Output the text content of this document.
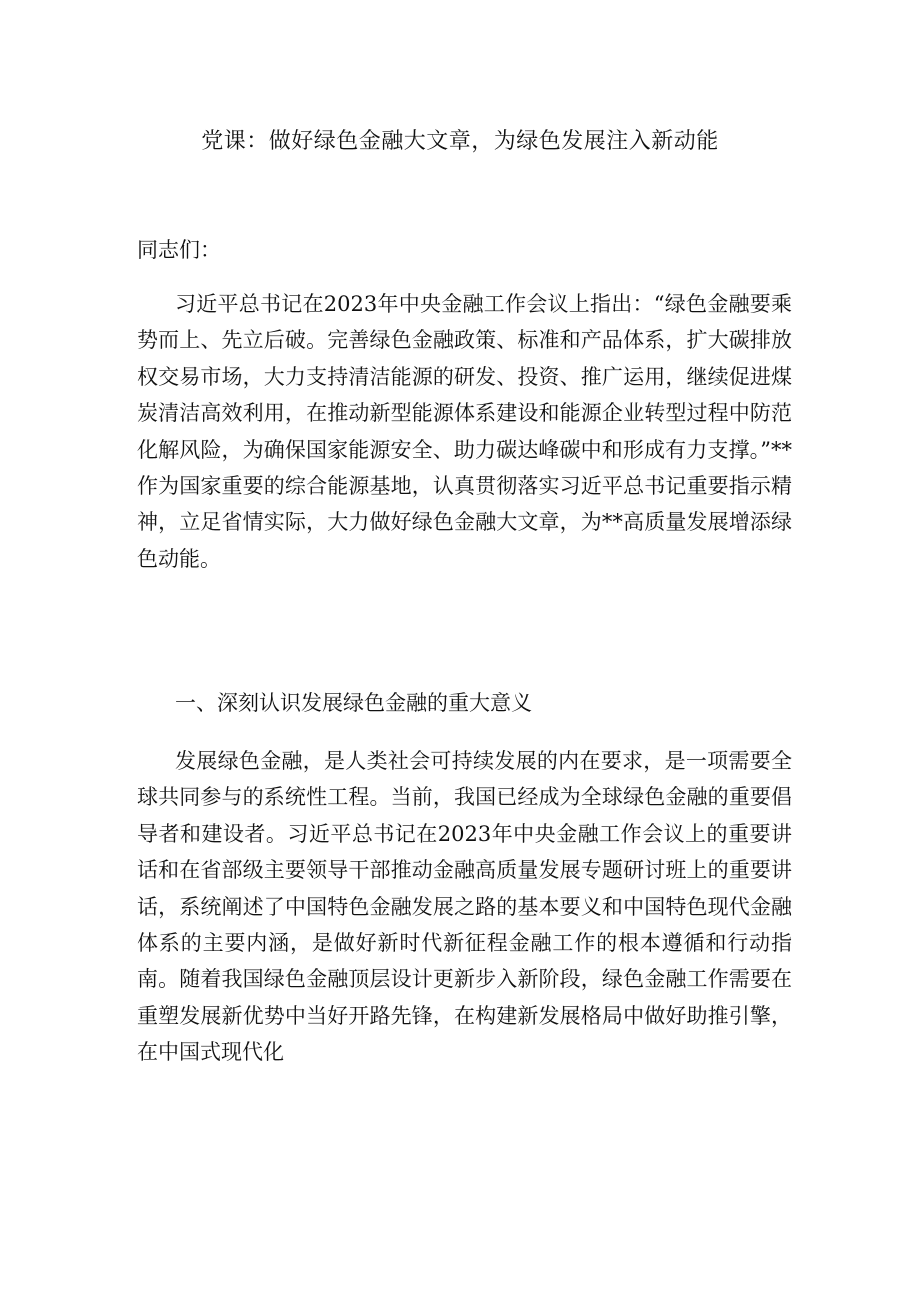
党课：做好绿色金融大文章，为绿色发展注入新动能
同志们：
习近平总书记在2023年中央金融工作会议上指出：“绿色金融要乘势而上、先立后破。完善绿色金融政策、标准和产品体系，扩大碳排放权交易市场，大力支持清洁能源的研发、投资、推广运用，继续促进煤炭清洁高效利用，在推动新型能源体系建设和能源企业转型过程中防范化解风险，为确保国家能源安全、助力碳达峰碳中和形成有力支撑。”**作为国家重要的综合能源基地，认真贯彻落实习近平总书记重要指示精神，立足省情实际，大力做好绿色金融大文章，为**高质量发展增添绿色动能。
一、深刻认识发展绿色金融的重大意义
发展绿色金融，是人类社会可持续发展的内在要求，是一项需要全球共同参与的系统性工程。当前，我国已经成为全球绿色金融的重要倡导者和建设者。习近平总书记在2023年中央金融工作会议上的重要讲话和在省部级主要领导干部推动金融高质量发展专题研讨班上的重要讲话，系统阐述了中国特色金融发展之路的基本要义和中国特色现代金融体系的主要内涵，是做好新时代新征程金融工作的根本遵循和行动指南。随着我国绿色金融顶层设计更新步入新阶段，绿色金融工作需要在重塑发展新优势中当好开路先锋，在构建新发展格局中做好助推引擎，在中国式现代化
